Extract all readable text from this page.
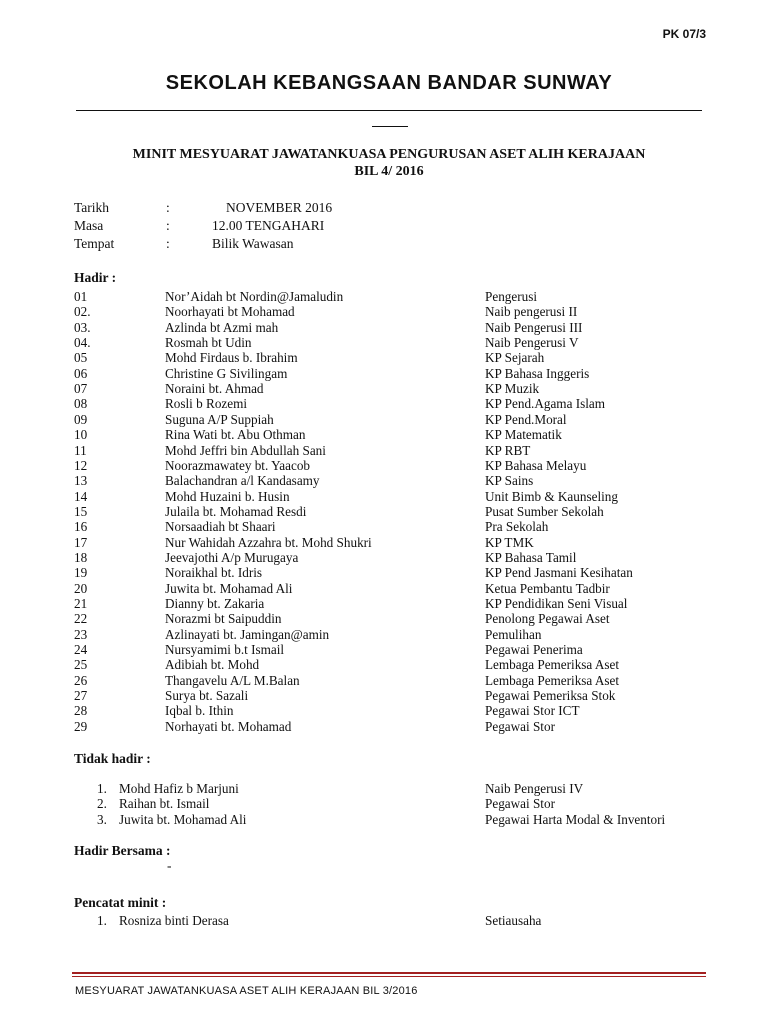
PK 07/3
SEKOLAH KEBANGSAAN BANDAR SUNWAY
MINIT MESYUARAT JAWATANKUASA PENGURUSAN ASET ALIH KERAJAAN
BIL 4/ 2016
Tarikh	:	NOVEMBER 2016
Masa	:	12.00 TENGAHARI
Tempat	:	Bilik Wawasan
Hadir :
01	Nor’Aidah bt Nordin@Jamaludin	Pengerusi
02.	Noorhayati bt Mohamad	Naib pengerusi II
03.	Azlinda bt Azmi mah	Naib Pengerusi III
04.	Rosmah bt Udin	Naib Pengerusi V
05	Mohd Firdaus b. Ibrahim	KP Sejarah
06	Christine G Sivilingam	KP Bahasa Inggeris
07	Noraini bt. Ahmad	KP Muzik
08	Rosli b Rozemi	KP Pend.Agama Islam
09	Suguna A/P Suppiah	KP Pend.Moral
10	Rina Wati bt. Abu Othman	KP Matematik
11	Mohd Jeffri bin Abdullah Sani	KP RBT
12	Noorazmawatey bt. Yaacob	KP Bahasa Melayu
13	Balachandran a/l Kandasamy	KP Sains
14	Mohd Huzaini b. Husin	Unit Bimb & Kaunseling
15	Julaila bt. Mohamad Resdi	Pusat Sumber Sekolah
16	Norsaadiah bt Shaari	Pra Sekolah
17	Nur Wahidah Azzahra bt. Mohd Shukri	KP TMK
18	Jeevajothi A/p Murugaya	KP Bahasa Tamil
19	Noraikhal bt. Idris	KP Pend Jasmani Kesihatan
20	Juwita bt. Mohamad Ali	Ketua Pembantu Tadbir
21	Dianny bt. Zakaria	KP Pendidikan Seni Visual
22	Norazmi bt Saipuddin	Penolong Pegawai Aset
23	Azlinayati bt. Jamingan@amin	Pemulihan
24	Nursyamimi b.t Ismail	Pegawai Penerima
25	Adibiah bt. Mohd	Lembaga Pemeriksa Aset
26	Thangavelu A/L M.Balan	Lembaga Pemeriksa Aset
27	Surya bt. Sazali	Pegawai Pemeriksa Stok
28	Iqbal b. Ithin	Pegawai Stor ICT
29	Norhayati bt. Mohamad	Pegawai Stor
Tidak hadir :
1. Mohd Hafiz b Marjuni	Naib Pengerusi IV
2. Raihan bt. Ismail	Pegawai Stor
3. Juwita bt. Mohamad Ali	Pegawai Harta Modal & Inventori
Hadir Bersama :
-
Pencatat minit :
1. Rosniza binti Derasa	Setiausaha
MESYUARAT JAWATANKUASA ASET ALIH KERAJAAN BIL 3/2016
